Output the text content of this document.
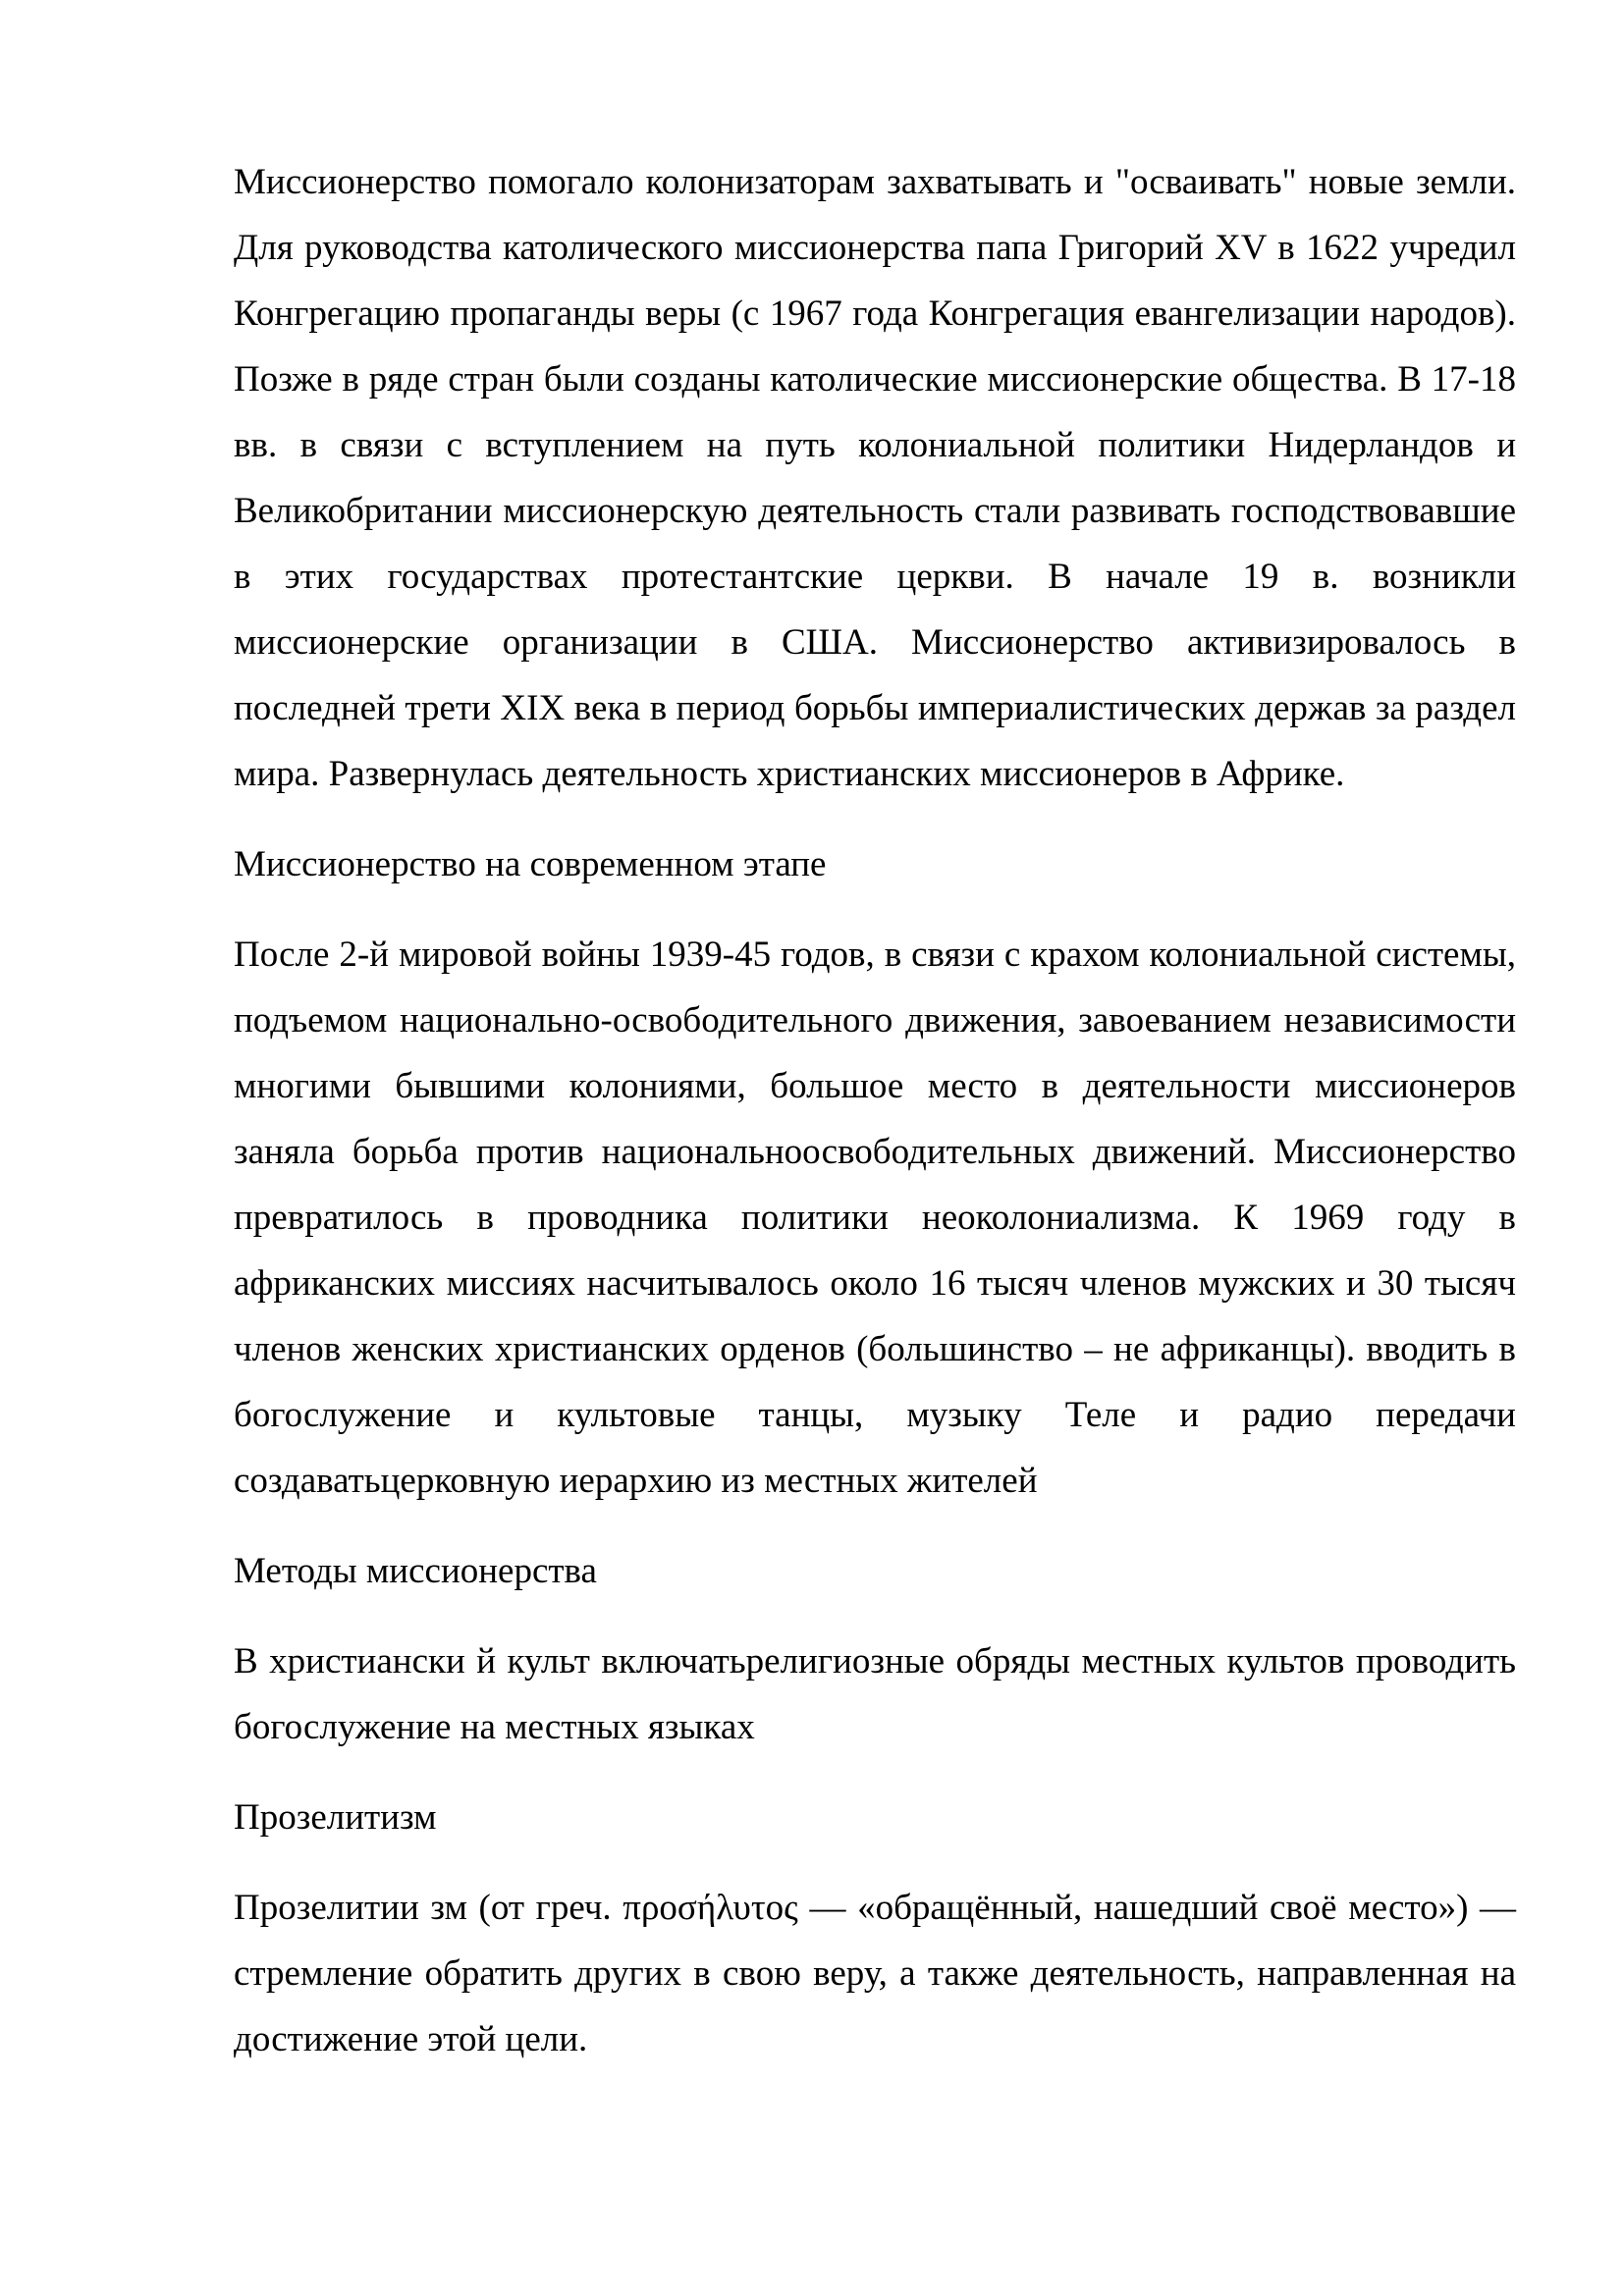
Миссионерство помогало колонизаторам захватывать и "осваивать" новые земли. Для руководства католического миссионерства папа Григорий XV в 1622 учредил Конгрегацию пропаганды веры (с 1967 года Конгрегация евангелизации народов). Позже в ряде стран были созданы католические миссионерские общества. В 17-18 вв. в связи с вступлением на путь колониальной политики Нидерландов и Великобритании миссионерскую деятельность стали развивать господствовавшие в этих государствах протестантские церкви. В начале 19 в. возникли миссионерские организации в США. Миссионерство активизировалось в последней трети XIX века в период борьбы империалистических держав за раздел мира. Развернулась деятельность христианских миссионеров в Африке.

Миссионерство на современном этапе

После 2-й мировой войны 1939-45 годов, в связи с крахом колониальной системы, подъемом национально-освободительного движения, завоеванием независимости многими бывшими колониями, большое место в деятельности миссионеров заняла борьба против национальноосвободительных движений. Миссионерство превратилось в проводника политики неоколониализма. К 1969 году в африканских миссиях насчитывалось около 16 тысяч членов мужских и 30 тысяч членов женских христианских орденов (большинство – не африканцы). вводить в богослужение и культовые танцы, музыку Теле и радио передачи создаватьцерковную иерархию из местных жителей

Методы миссионерства

В христиански й культ включатьрелигиозные обряды местных культов проводить богослужение на местных языках

Прозелитизм

Прозелитии зм (от греч. προσήλυτος — «обращённый, нашедший своё место») — стремление обратить других в свою веру, а также деятельность, направленная на достижение этой цели.
